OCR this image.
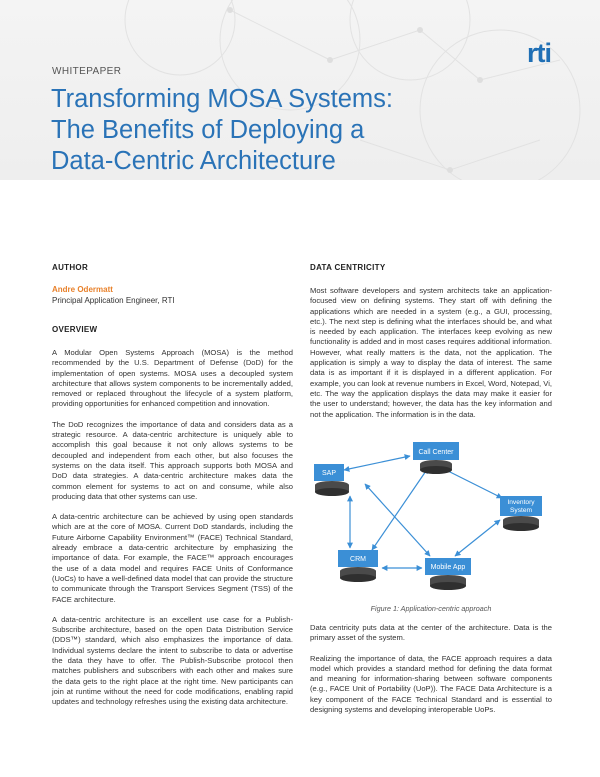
rti
WHITEPAPER
Transforming MOSA Systems:
The Benefits of Deploying a
Data-Centric Architecture
AUTHOR
Andre Odermatt
Principal Application Engineer, RTI
OVERVIEW

A Modular Open Systems Approach (MOSA) is the method recommended by the U.S. Department of Defense (DoD) for the implementation of open systems. MOSA uses a decoupled system architecture that allows system components to be incrementally added, removed or replaced throughout the lifecycle of a system platform, providing opportunities for enhanced competition and innovation.

The DoD recognizes the importance of data and considers data as a strategic resource. A data-centric architecture is uniquely able to accomplish this goal because it not only allows systems to be decoupled and independent from each other, but also focuses the systems on the data itself. This approach supports both MOSA and DoD data strategies. A data-centric architecture makes data the common element for systems to act on and consume, while also producing data that other systems can use.

A data-centric architecture can be achieved by using open standards which are at the core of MOSA. Current DoD standards, including the Future Airborne Capability Environment™ (FACE) Technical Standard, already embrace a data-centric architecture by emphasizing the importance of data. For example, the FACE™ approach encourages the use of a data model and requires FACE Units of Conformance (UoCs) to have a well-defined data model that can provide the structure to communicate through the Transport Services Segment (TSS) of the FACE architecture.

A data-centric architecture is an excellent use case for a Publish-Subscribe architecture, based on the open Data Distribution Service (DDS™) standard, which also emphasizes the importance of data. Individual systems declare the intent to subscribe to data or advertise the data they have to offer. The Publish-Subscribe protocol then matches publishers and subscribers with each other and makes sure the data gets to the right place at the right time. New participants can join at runtime without the need for code modifications, enabling rapid updates and technology refreshes using the existing data architecture.

DATA CENTRICITY

Most software developers and system architects take an application-focused view on defining systems. They start off with defining the applications which are needed in a system (e.g., a GUI, processing, etc.). The next step is defining what the interfaces should be, and what is needed by each application. The interfaces keep evolving as new functionality is added and in most cases requires additional information. However, what really matters is the data, not the application. The application is simply a way to display the data of interest. The same data is as important if it is displayed in a different application. For example, you can look at revenue numbers in Excel, Word, Notepad, Vi, etc. The way the application displays the data may make it easier for the user to understand; however, the data has the key information and not the application. The information is in the data.

Call Center
SAP
Inventory
System
CRM
Mobile App
Figure 1: Application-centric approach

Data centricity puts data at the center of the architecture. Data is the primary asset of the system.

Realizing the importance of data, the FACE approach requires a data model which provides a standard method for defining the data format and meaning for information-sharing between software components (e.g., FACE Unit of Portability (UoP)). The FACE Data Architecture is a key component of the FACE Technical Standard and is essential to designing systems and developing interoperable UoPs.
